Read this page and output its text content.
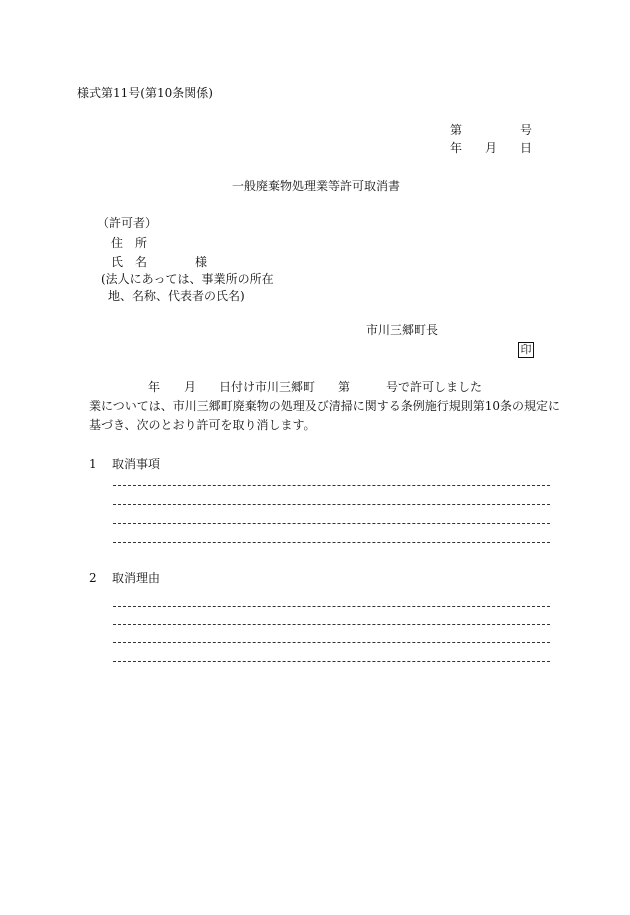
様式第11号(第10条関係)
第	号
年 月 日
一般廃棄物処理業等許可取消書
（許可者）
住　所
氏　名	様
(法人にあっては、事業所の所在
地、名称、代表者の氏名)
市川三郷町長
印
年 月 日付け市川三郷町 第	号で許可しました
業については、市川三郷町廃棄物の処理及び清掃に関する条例施行規則第10条の規定に
基づき、次のとおり許可を取り消します。
1 取消事項
2 取消理由
